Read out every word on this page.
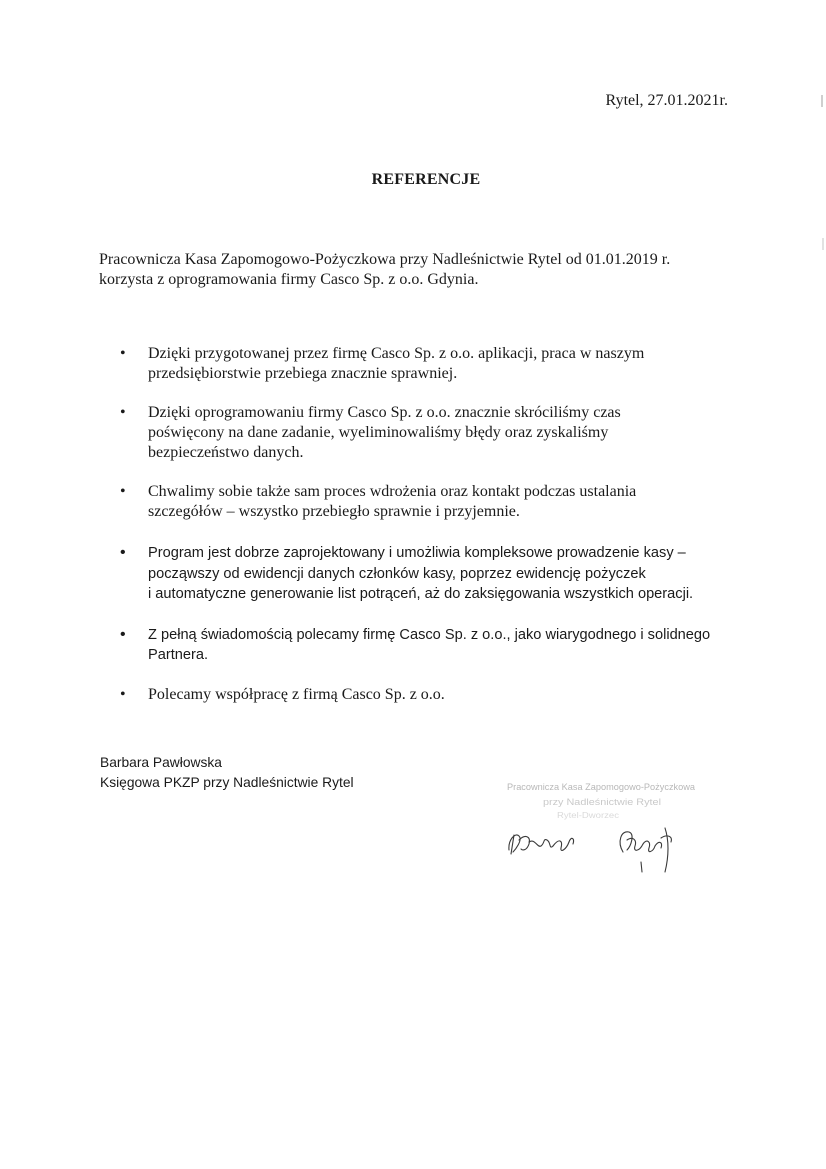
Rytel, 27.01.2021r.
REFERENCJE
Pracownicza Kasa Zapomogowo-Pożyczkowa przy Nadleśnictwie Rytel od 01.01.2019 r.
korzysta z oprogramowania firmy Casco Sp. z o.o. Gdynia.
•	Dzięki przygotowanej przez firmę Casco Sp. z o.o. aplikacji, praca w naszym
przedsiębiorstwie przebiega znacznie sprawniej.
•	Dzięki oprogramowaniu firmy Casco Sp. z o.o. znacznie skróciliśmy czas
poświęcony na dane zadanie, wyeliminowaliśmy błędy oraz zyskaliśmy
bezpieczeństwo danych.
•	Chwalimy sobie także sam proces wdrożenia oraz kontakt podczas ustalania
szczegółów – wszystko przebiegło sprawnie i przyjemnie.
•	Program jest dobrze zaprojektowany i umożliwia kompleksowe prowadzenie kasy –
począwszy od ewidencji danych członków kasy, poprzez ewidencję pożyczek
i automatyczne generowanie list potrąceń, aż do zaksięgowania wszystkich operacji.
•	Z pełną świadomością polecamy firmę Casco Sp. z o.o., jako wiarygodnego i solidnego
Partnera.
•	Polecamy współpracę z firmą Casco Sp. z o.o.
Barbara Pawłowska
Księgowa PKZP przy Nadleśnictwie Rytel	Pracownicza Kasa Zapomogowo-Pożyczkowa
przy Nadleśnictwie Rytel
Rytel-Dworzec
